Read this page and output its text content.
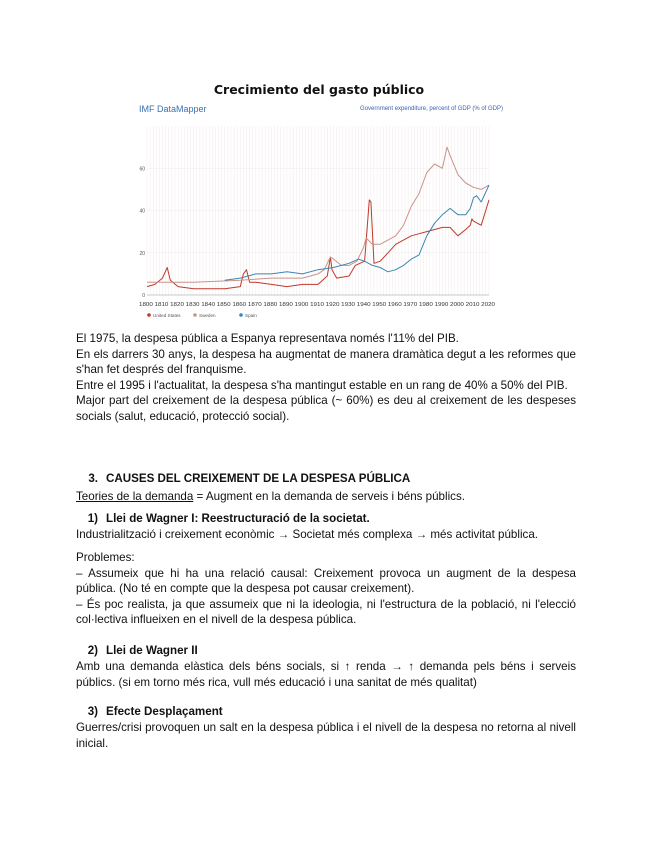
Crecimiento del gasto público
IMF DataMapper	Government expenditure, percent of GDP (% of GDP)
0
20
40
60
1800 1810 1820 1830 1840 1850 1860 1870 1880 1890 1900 1910 1920 1930 1940 1950 1960 1970 1980 1990 2000 2010 2020
United States	Sweden	Spain

El 1975, la despesa pública a Espanya representava només l'11% del PIB.

En els darrers 30 anys, la despesa ha augmentat de manera dramàtica degut a les reformes que s'han fet després del franquisme.

Entre el 1995 i l'actualitat, la despesa s'ha mantingut estable en un rang de 40% a 50% del PIB.

Major part del creixement de la despesa pública (~ 60%) es deu al creixement de les despeses socials (salut, educació, protecció social).

3. CAUSES DEL CREIXEMENT DE LA DESPESA PÚBLICA
Teories de la demanda = Augment en la demanda de serveis i béns públics.
1) Llei de Wagner I: Reestructuració de la societat.
Industrialització i creixement econòmic → Societat més complexa → més activitat pública.

Problemes:

– Assumeix que hi ha una relació causal: Creixement provoca un augment de la despesa pública. (No té en compte que la despesa pot causar creixement).

– És poc realista, ja que assumeix que ni la ideologia, ni l'estructura de la població, ni l'elecció col·lectiva influeixen en el nivell de la despesa pública.

2) Llei de Wagner II
Amb una demanda elàstica dels béns socials, si ↑ renda → ↑ demanda pels béns i serveis públics. (si em torno més rica, vull més educació i una sanitat de més qualitat)
3) Efecte Desplaçament
Guerres/crisi provoquen un salt en la despesa pública i el nivell de la despesa no retorna al nivell inicial.
